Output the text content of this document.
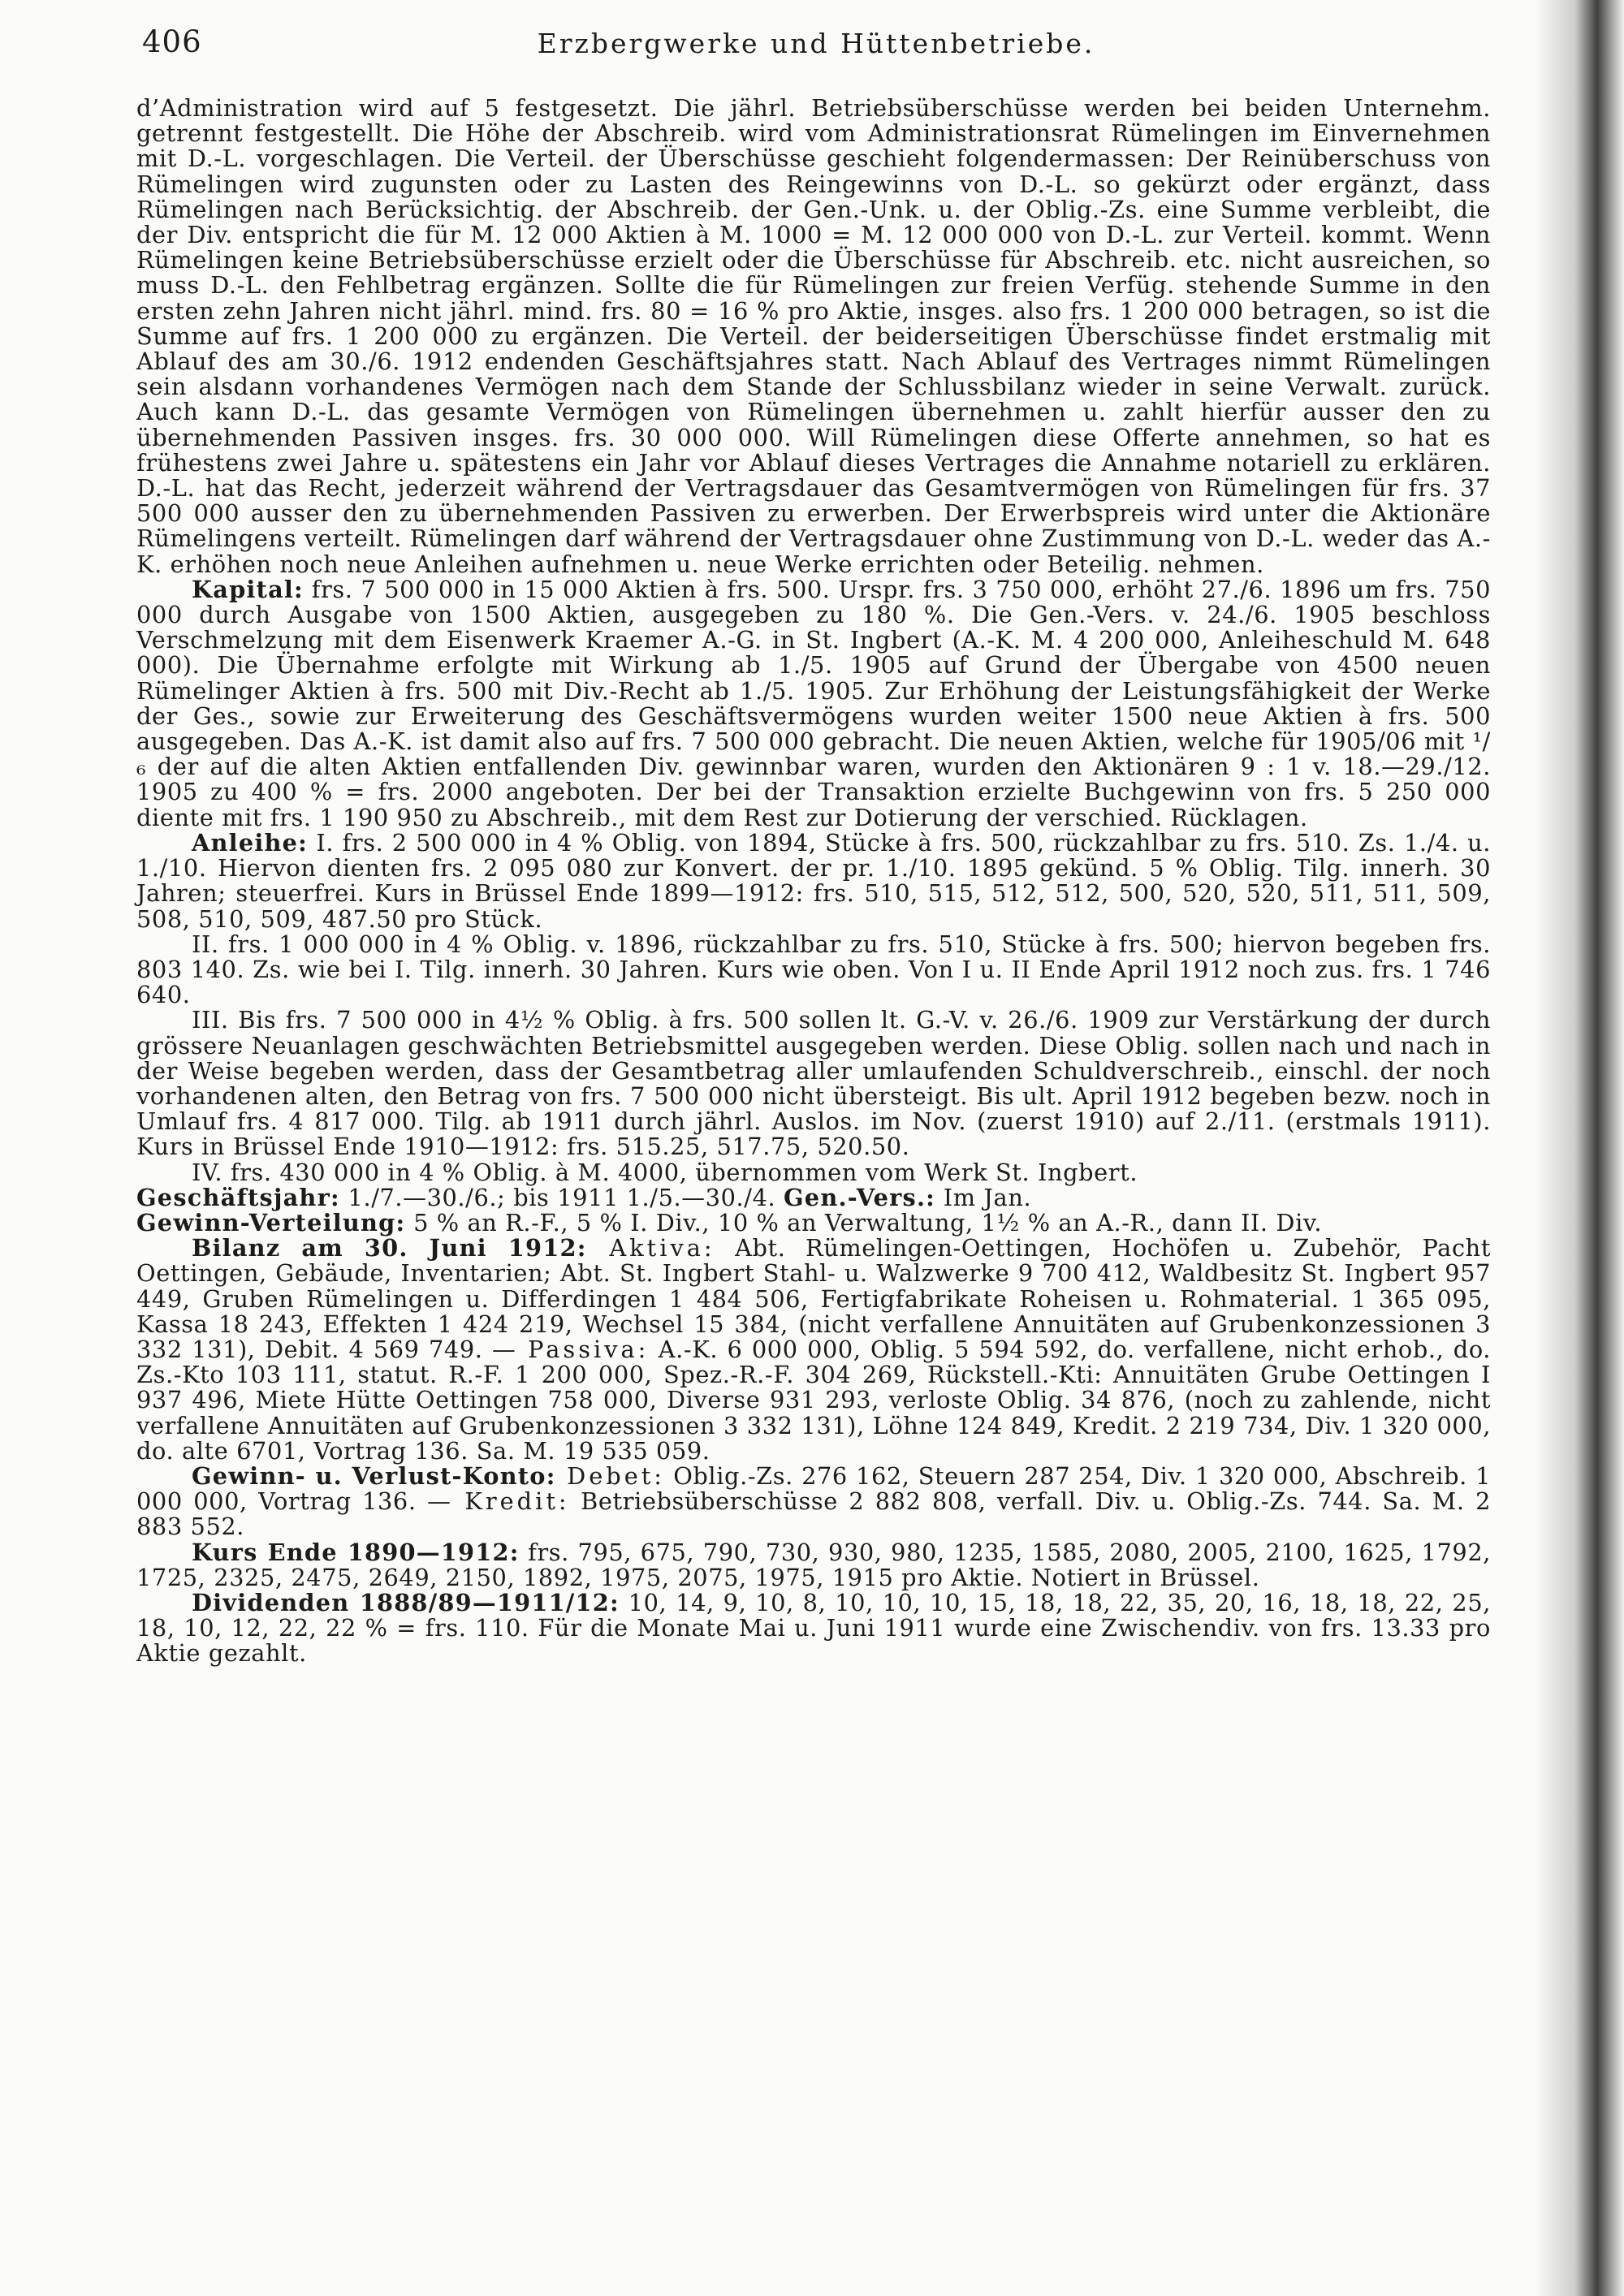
406	Erzbergwerke und Hüttenbetriebe.

d’Administration wird auf 5 festgesetzt. Die jährl. Betriebsüberschüsse werden bei beiden Unternehm. getrennt festgestellt. Die Höhe der Abschreib. wird vom Administrationsrat Rümelingen im Einvernehmen mit D.-L. vorgeschlagen. Die Verteil. der Überschüsse geschieht folgendermassen: Der Reinüberschuss von Rümelingen wird zugunsten oder zu Lasten des Reingewinns von D.-L. so gekürzt oder ergänzt, dass Rümelingen nach Berücksichtig. der Abschreib. der Gen.-Unk. u. der Oblig.-Zs. eine Summe verbleibt, die der Div. entspricht die für M. 12 000 Aktien à M. 1000 = M. 12 000 000 von D.-L. zur Verteil. kommt. Wenn Rümelingen keine Betriebsüberschüsse erzielt oder die Überschüsse für Abschreib. etc. nicht ausreichen, so muss D.-L. den Fehlbetrag ergänzen. Sollte die für Rümelingen zur freien Verfüg. stehende Summe in den ersten zehn Jahren nicht jährl. mind. frs. 80 = 16 % pro Aktie, insges. also frs. 1 200 000 betragen, so ist die Summe auf frs. 1 200 000 zu ergänzen. Die Verteil. der beiderseitigen Überschüsse findet erstmalig mit Ablauf des am 30./6. 1912 endenden Geschäftsjahres statt. Nach Ablauf des Vertrages nimmt Rümelingen sein alsdann vorhandenes Vermögen nach dem Stande der Schlussbilanz wieder in seine Verwalt. zurück. Auch kann D.-L. das gesamte Vermögen von Rümelingen übernehmen u. zahlt hierfür ausser den zu übernehmenden Passiven insges. frs. 30 000 000. Will Rümelingen diese Offerte annehmen, so hat es frühestens zwei Jahre u. spätestens ein Jahr vor Ablauf dieses Vertrages die Annahme notariell zu erklären. D.-L. hat das Recht, jederzeit während der Vertragsdauer das Gesamtvermögen von Rümelingen für frs. 37 500 000 ausser den zu übernehmenden Passiven zu erwerben. Der Erwerbspreis wird unter die Aktionäre Rümelingens verteilt. Rümelingen darf während der Vertragsdauer ohne Zustimmung von D.-L. weder das A.-K. erhöhen noch neue Anleihen aufnehmen u. neue Werke errichten oder Beteilig. nehmen.

Kapital: frs. 7 500 000 in 15 000 Aktien à frs. 500. Urspr. frs. 3 750 000, erhöht 27./6. 1896 um frs. 750 000 durch Ausgabe von 1500 Aktien, ausgegeben zu 180 %. Die Gen.-Vers. v. 24./6. 1905 beschloss Verschmelzung mit dem Eisenwerk Kraemer A.-G. in St. Ingbert (A.-K. M. 4 200 000, Anleiheschuld M. 648 000). Die Übernahme erfolgte mit Wirkung ab 1./5. 1905 auf Grund der Übergabe von 4500 neuen Rümelinger Aktien à frs. 500 mit Div.-Recht ab 1./5. 1905. Zur Erhöhung der Leistungsfähigkeit der Werke der Ges., sowie zur Erweiterung des Geschäftsvermögens wurden weiter 1500 neue Aktien à frs. 500 ausgegeben. Das A.-K. ist damit also auf frs. 7 500 000 gebracht. Die neuen Aktien, welche für 1905/06 mit ¹/₆ der auf die alten Aktien entfallenden Div. gewinnbar waren, wurden den Aktionären 9 : 1 v. 18.—29./12. 1905 zu 400 % = frs. 2000 angeboten. Der bei der Transaktion erzielte Buchgewinn von frs. 5 250 000 diente mit frs. 1 190 950 zu Abschreib., mit dem Rest zur Dotierung der verschied. Rücklagen.

Anleihe: I. frs. 2 500 000 in 4 % Oblig. von 1894, Stücke à frs. 500, rückzahlbar zu frs. 510. Zs. 1./4. u. 1./10. Hiervon dienten frs. 2 095 080 zur Konvert. der pr. 1./10. 1895 gekünd. 5 % Oblig. Tilg. innerh. 30 Jahren; steuerfrei. Kurs in Brüssel Ende 1899—1912: frs. 510, 515, 512, 512, 500, 520, 520, 511, 511, 509, 508, 510, 509, 487.50 pro Stück.

II. frs. 1 000 000 in 4 % Oblig. v. 1896, rückzahlbar zu frs. 510, Stücke à frs. 500; hiervon begeben frs. 803 140. Zs. wie bei I. Tilg. innerh. 30 Jahren. Kurs wie oben. Von I u. II Ende April 1912 noch zus. frs. 1 746 640.

III. Bis frs. 7 500 000 in 4½ % Oblig. à frs. 500 sollen lt. G.-V. v. 26./6. 1909 zur Verstärkung der durch grössere Neuanlagen geschwächten Betriebsmittel ausgegeben werden. Diese Oblig. sollen nach und nach in der Weise begeben werden, dass der Gesamtbetrag aller umlaufenden Schuldverschreib., einschl. der noch vorhandenen alten, den Betrag von frs. 7 500 000 nicht übersteigt. Bis ult. April 1912 begeben bezw. noch in Umlauf frs. 4 817 000. Tilg. ab 1911 durch jährl. Auslos. im Nov. (zuerst 1910) auf 2./11. (erstmals 1911). Kurs in Brüssel Ende 1910—1912: frs. 515.25, 517.75, 520.50.

IV. frs. 430 000 in 4 % Oblig. à M. 4000, übernommen vom Werk St. Ingbert.

Geschäftsjahr: 1./7.—30./6.; bis 1911 1./5.—30./4. Gen.-Vers.: Im Jan.

Gewinn-Verteilung: 5 % an R.-F., 5 % I. Div., 10 % an Verwaltung, 1½ % an A.-R., dann II. Div.

Bilanz am 30. Juni 1912: Aktiva: Abt. Rümelingen-Oettingen, Hochöfen u. Zubehör, Pacht Oettingen, Gebäude, Inventarien; Abt. St. Ingbert Stahl- u. Walzwerke 9 700 412, Waldbesitz St. Ingbert 957 449, Gruben Rümelingen u. Differdingen 1 484 506, Fertigfabrikate Roheisen u. Rohmaterial. 1 365 095, Kassa 18 243, Effekten 1 424 219, Wechsel 15 384, (nicht verfallene Annuitäten auf Grubenkonzessionen 3 332 131), Debit. 4 569 749. — Passiva: A.-K. 6 000 000, Oblig. 5 594 592, do. verfallene, nicht erhob., do. Zs.-Kto 103 111, statut. R.-F. 1 200 000, Spez.-R.-F. 304 269, Rückstell.-Kti: Annuitäten Grube Oettingen I 937 496, Miete Hütte Oettingen 758 000, Diverse 931 293, verloste Oblig. 34 876, (noch zu zahlende, nicht verfallene Annuitäten auf Grubenkonzessionen 3 332 131), Löhne 124 849, Kredit. 2 219 734, Div. 1 320 000, do. alte 6701, Vortrag 136. Sa. M. 19 535 059.

Gewinn- u. Verlust-Konto: Debet: Oblig.-Zs. 276 162, Steuern 287 254, Div. 1 320 000, Abschreib. 1 000 000, Vortrag 136. — Kredit: Betriebsüberschüsse 2 882 808, verfall. Div. u. Oblig.-Zs. 744. Sa. M. 2 883 552.

Kurs Ende 1890—1912: frs. 795, 675, 790, 730, 930, 980, 1235, 1585, 2080, 2005, 2100, 1625, 1792, 1725, 2325, 2475, 2649, 2150, 1892, 1975, 2075, 1975, 1915 pro Aktie. Notiert in Brüssel.

Dividenden 1888/89—1911/12: 10, 14, 9, 10, 8, 10, 10, 10, 15, 18, 18, 22, 35, 20, 16, 18, 18, 22, 25, 18, 10, 12, 22, 22 % = frs. 110. Für die Monate Mai u. Juni 1911 wurde eine Zwischendiv. von frs. 13.33 pro Aktie gezahlt.
